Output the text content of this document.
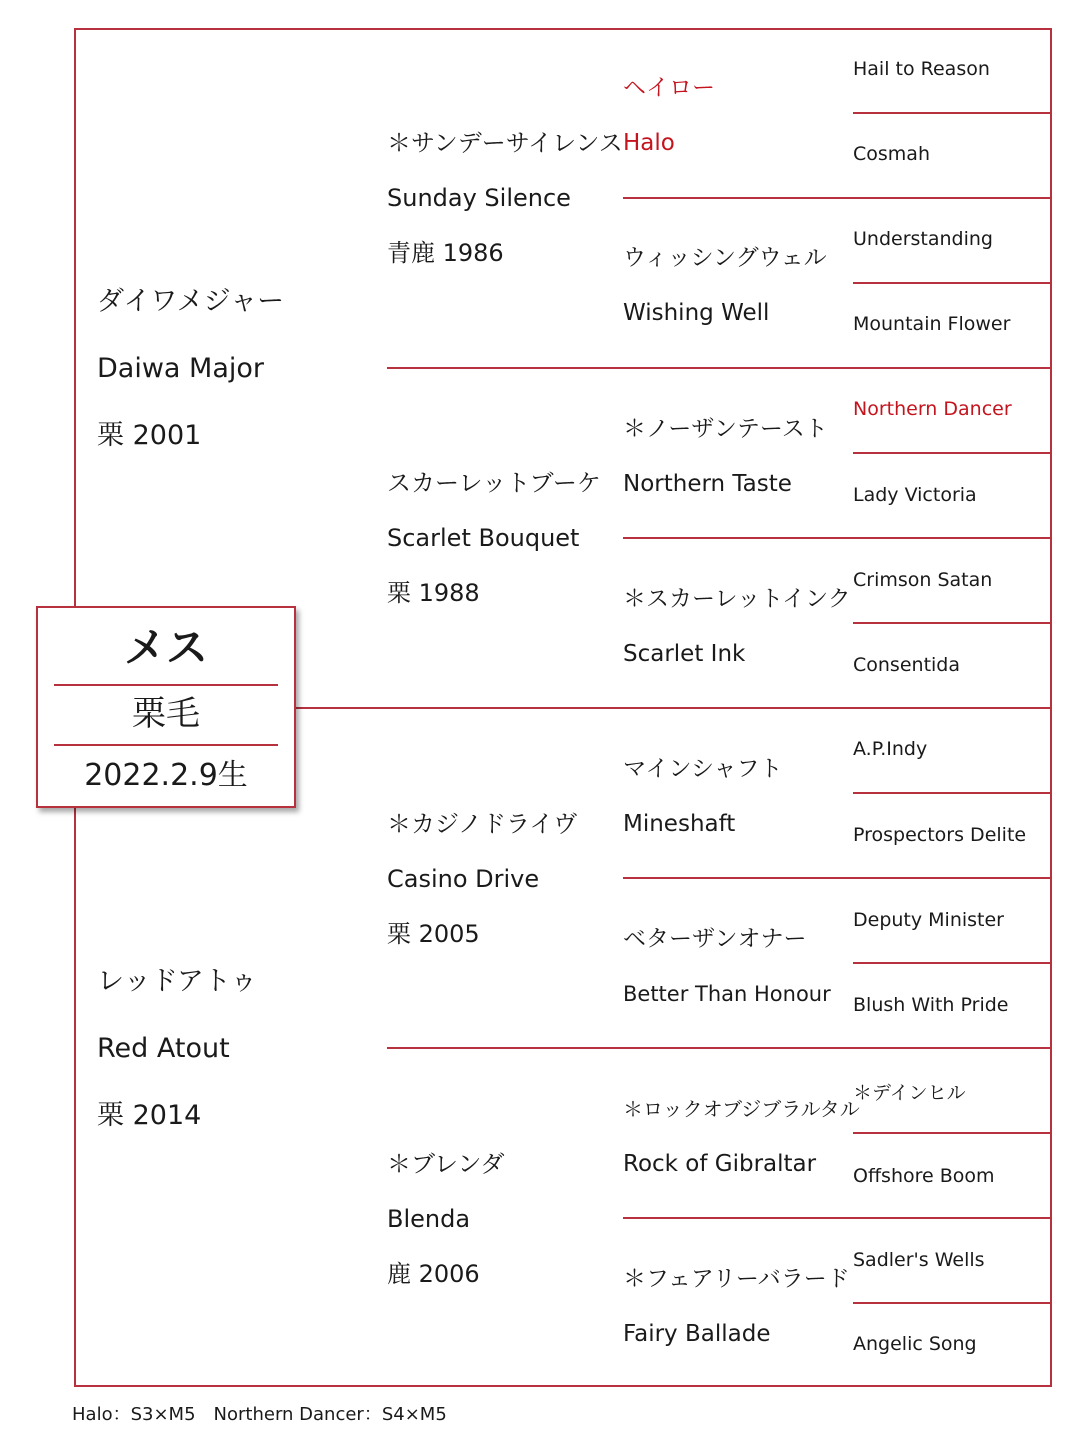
ダイワメジャー
Daiwa Major
栗 2001
レッドアトゥ
Red Atout
栗 2014
＊サンデーサイレンス
Sunday Silence
青鹿 1986
スカーレットブーケ
Scarlet Bouquet
栗 1988
＊カジノドライヴ
Casino Drive
栗 2005
＊ブレンダ
Blenda
鹿 2006
ヘイロー
Halo
ウィッシングウェル
Wishing Well
＊ノーザンテースト
Northern Taste
＊スカーレットインク
Scarlet Ink
マインシャフト
Mineshaft
ベターザンオナー
Better Than Honour
＊ロックオブジブラルタル
Rock of Gibraltar
＊フェアリーバラード
Fairy Ballade
Hail to Reason
Cosmah
Understanding
Mountain Flower
Northern Dancer
Lady Victoria
Crimson Satan
Consentida
A.P.Indy
Prospectors Delite
Deputy Minister
Blush With Pride
＊デインヒル
Offshore Boom
Sadler's Wells
Angelic Song
メス
栗毛
2022.2.9生
Halo：S3×M5　Northern Dancer：S4×M5
